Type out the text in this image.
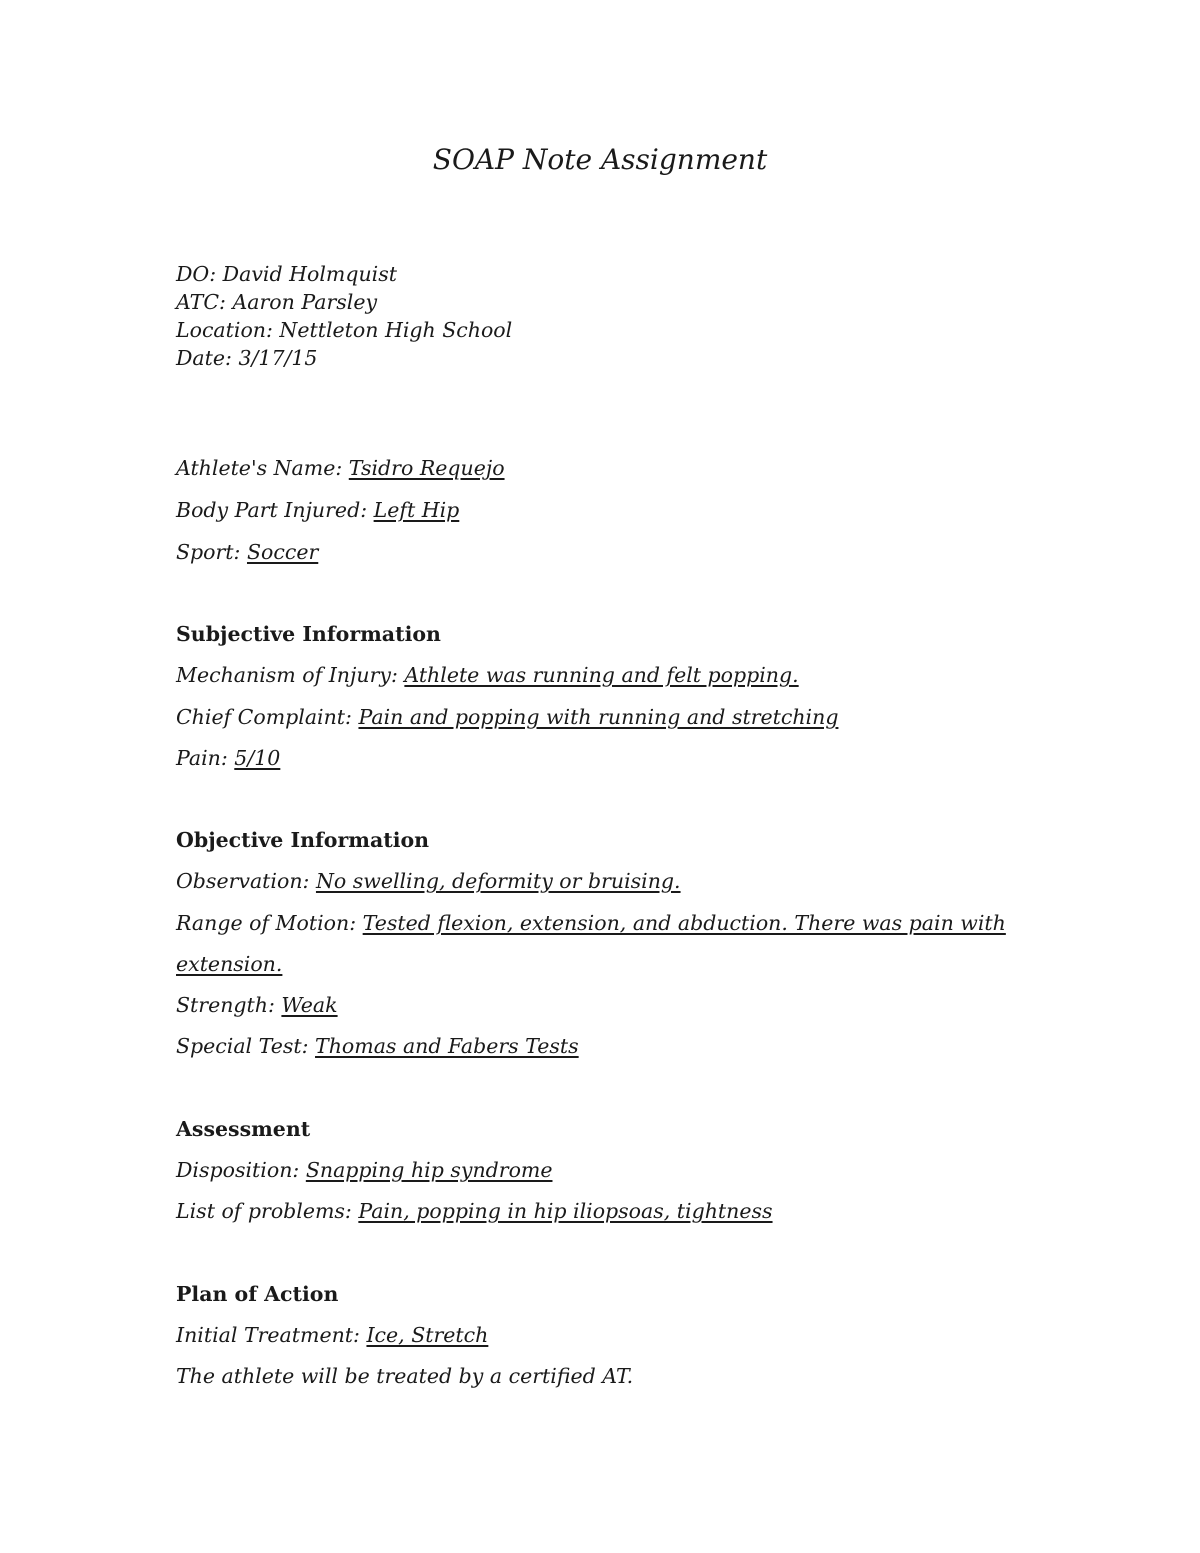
SOAP Note Assignment
DO: David Holmquist
ATC: Aaron Parsley
Location: Nettleton High School
Date: 3/17/15
Athlete's Name: Tsidro Requejo
Body Part Injured: Left Hip
Sport: Soccer
Subjective Information
Mechanism of Injury: Athlete was running and felt popping.
Chief Complaint: Pain and popping with running and stretching
Pain: 5/10
Objective Information
Observation: No swelling, deformity or bruising.
Range of Motion: Tested flexion, extension, and abduction. There was pain with
extension.
Strength: Weak
Special Test: Thomas and Fabers Tests
Assessment
Disposition: Snapping hip syndrome
List of problems: Pain, popping in hip iliopsoas, tightness
Plan of Action
Initial Treatment: Ice, Stretch
The athlete will be treated by a certified AT.
